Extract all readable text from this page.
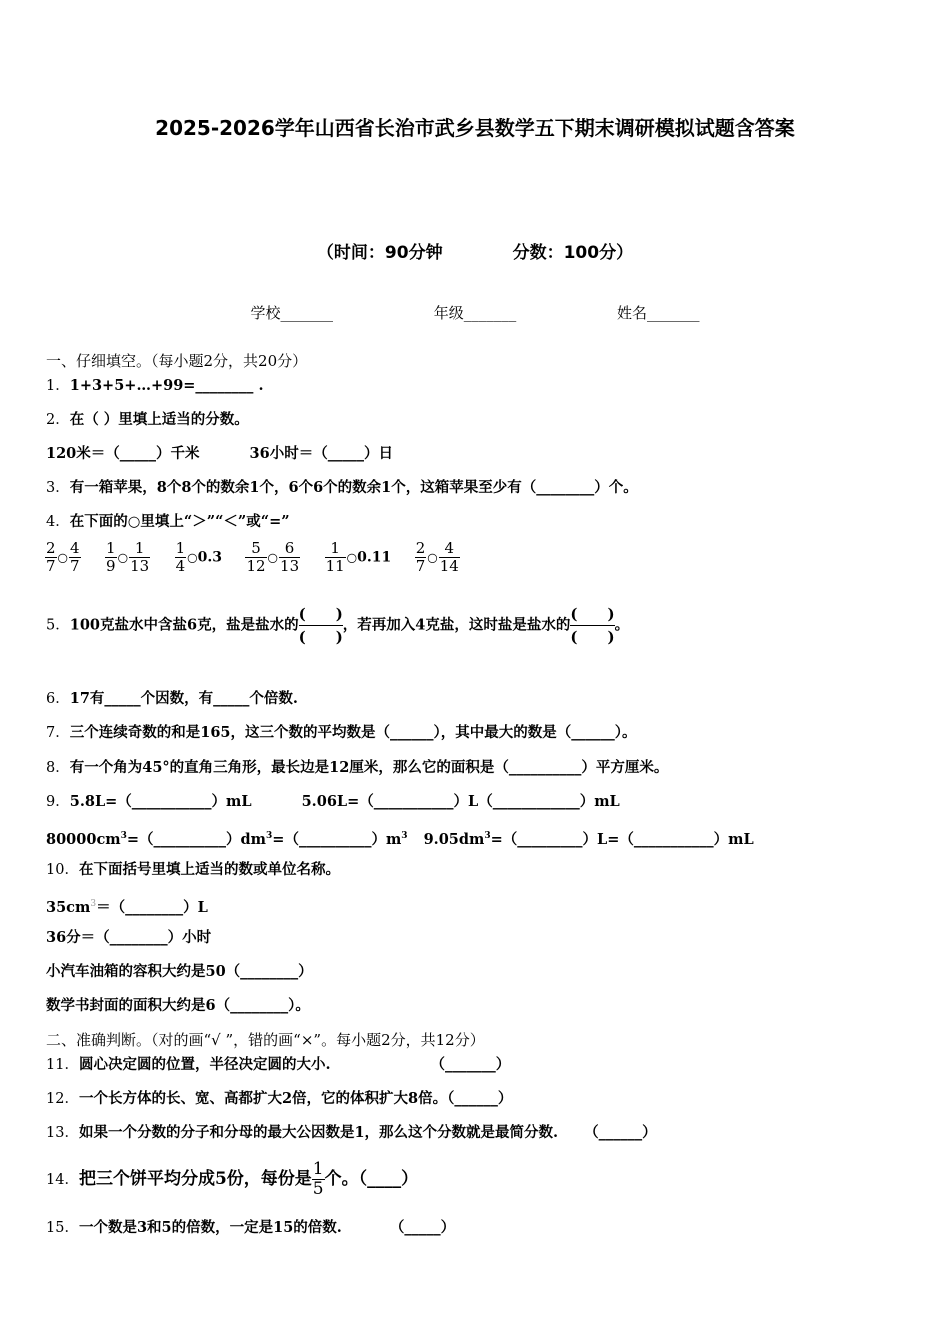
2025-2026学年山西省长治市武乡县数学五下期末调研模拟试题含答案
（时间：90分钟	分数：100分）
学校_______	年级_______	姓名_______
一、仔细填空。（每小题2分，共20分）
1．1+3+5+…+99=________ .
2．在（ ）里填上适当的分数。
120米＝（_____）千米	36小时＝（_____）日
3．有一箱苹果，8个8个的数余1个，6个6个的数余1个，这箱苹果至少有（________）个。
4．在下面的○里填上“＞”“＜”或“=”
$\frac{2}{7}$ ○ $\frac{4}{7}$
$\frac{1}{9}$ ○ $\frac{1}{13}$
$\frac{1}{4}$ ○0.3 $\frac{5}{12}$ ○ $\frac{6}{13}$
$\frac{1}{11}$ ○0.11 $\frac{2}{7}$ ○ $\frac{4}{14}$
5．100克盐水中含盐6克，盐是盐水的 $\frac{( )}{( )}$ ，若再加入4克盐，这时盐是盐水的 $\frac{( )}{( )}$ 。
6．17有_____个因数，有_____个倍数.
7．三个连续奇数的和是165，这三个数的平均数是（______），其中最大的数是（______）。
8．有一个角为45°的直角三角形，最长边是12厘米，那么它的面积是（__________）平方厘米。
9．5.8L=（___________）mL	5.06L=（___________）L（____________）mL
$80000cm^3=(\_\_\_\_\_\_\_\_\_\_)dm^3=(\_\_\_\_\_\_\_\_\_\_)m^3$ $9.05dm^3=(\_\_\_\_\_\_\_\_\_)L=(\_\_\_\_\_\_\_\_\_\_\_)mL$
10．在下面括号里填上适当的数或单位名称。
$35cm^3=(\_\_\_\_\_\_\_\_)L$
36分＝（________）小时
小汽车油箱的容积大约是50（________）
数学书封面的面积大约是6（________）。
二、准确判断。（对的画“√ ”，错的画“×”。每小题2分，共12分）
11．圆心决定圆的位置，半径决定圆的大小.	（_______）
12．一个长方体的长、宽、高都扩大2倍，它的体积扩大8倍。（______）
13．如果一个分数的分子和分母的最大公因数是1，那么这个分数就是最简分数. （______）
14．把三个饼平均分成5份，每份是 $\frac{1}{5}$个。（____）
15．一个数是3和5的倍数，一定是15的倍数.	（_____）
